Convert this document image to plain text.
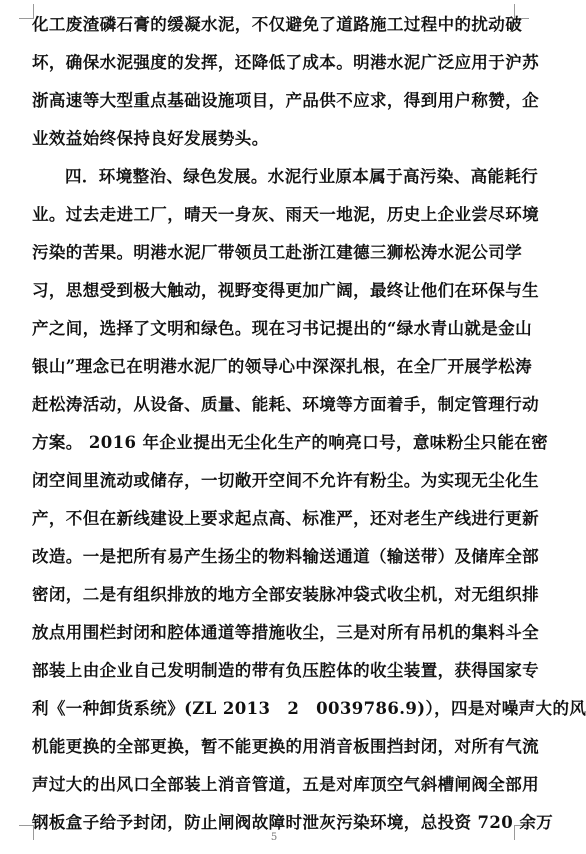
化工废渣磷石膏的缓凝水泥，不仅避免了道路施工过程中的扰动破
坏，确保水泥强度的发挥，还降低了成本。明港水泥广泛应用于沪苏
浙高速等大型重点基础设施项目，产品供不应求，得到用户称赞，企
业效益始终保持良好发展势头。
四．环境整治、绿色发展。水泥行业原本属于高污染、高能耗行
业。过去走进工厂，晴天一身灰、雨天一地泥，历史上企业尝尽环境
污染的苦果。明港水泥厂带领员工赴浙江建德三狮松涛水泥公司学
习，思想受到极大触动，视野变得更加广阔，最终让他们在环保与生
产之间，选择了文明和绿色。现在习书记提出的“绿水青山就是金山
银山”理念已在明港水泥厂的领导心中深深扎根，在全厂开展学松涛
赶松涛活动，从设备、质量、能耗、环境等方面着手，制定管理行动
方案。 2016 年企业提出无尘化生产的响亮口号，意味粉尘只能在密
闭空间里流动或储存，一切敞开空间不允许有粉尘。为实现无尘化生
产，不但在新线建设上要求起点高、标准严，还对老生产线进行更新
改造。一是把所有易产生扬尘的物料输送通道（输送带）及储库全部
密闭，二是有组织排放的地方全部安装脉冲袋式收尘机，对无组织排
放点用围栏封闭和腔体通道等措施收尘，三是对所有吊机的集料斗全
部装上由企业自己发明制造的带有负压腔体的收尘装置，获得国家专
利《一种卸货系统》(ZL 2013　2　0039786.9)），四是对噪声大的风
机能更换的全部更换，暂不能更换的用消音板围挡封闭，对所有气流
声过大的出风口全部装上消音管道，五是对库顶空气斜槽闸阀全部用
钢板盒子给予封闭，防止闸阀故障时泄灰污染环境，总投资 720 余万
5
